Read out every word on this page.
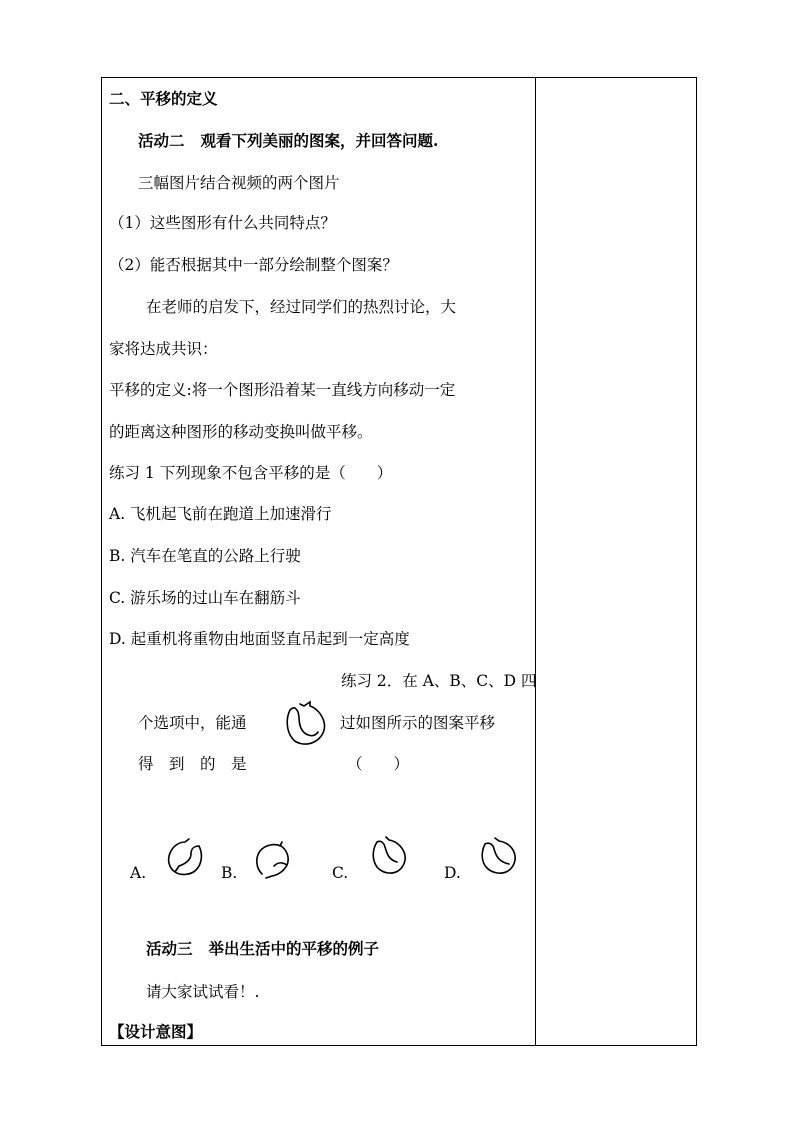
二、平移的定义
活动二 观看下列美丽的图案，并回答问题.
三幅图片结合视频的两个图片
（1）这些图形有什么共同特点？
（2）能否根据其中一部分绘制整个图案？
在老师的启发下，经过同学们的热烈讨论，大
家将达成共识：
平移的定义:将一个图形沿着某一直线方向移动一定
的距离这种图形的移动变换叫做平移。
练习 1 下列现象不包含平移的是（　　）
A. 飞机起飞前在跑道上加速滑行
B. 汽车在笔直的公路上行驶
C. 游乐场的过山车在翻筋斗
D. 起重机将重物由地面竖直吊起到一定高度
练习 2．在 A、B、C、D 四
个选项中，能通	过如图所示的图案平移
得　到　的　是	（　　）
A.	B.	C.	D.
活动三 举出生活中的平移的例子
请大家试试看！.
【设计意图】
